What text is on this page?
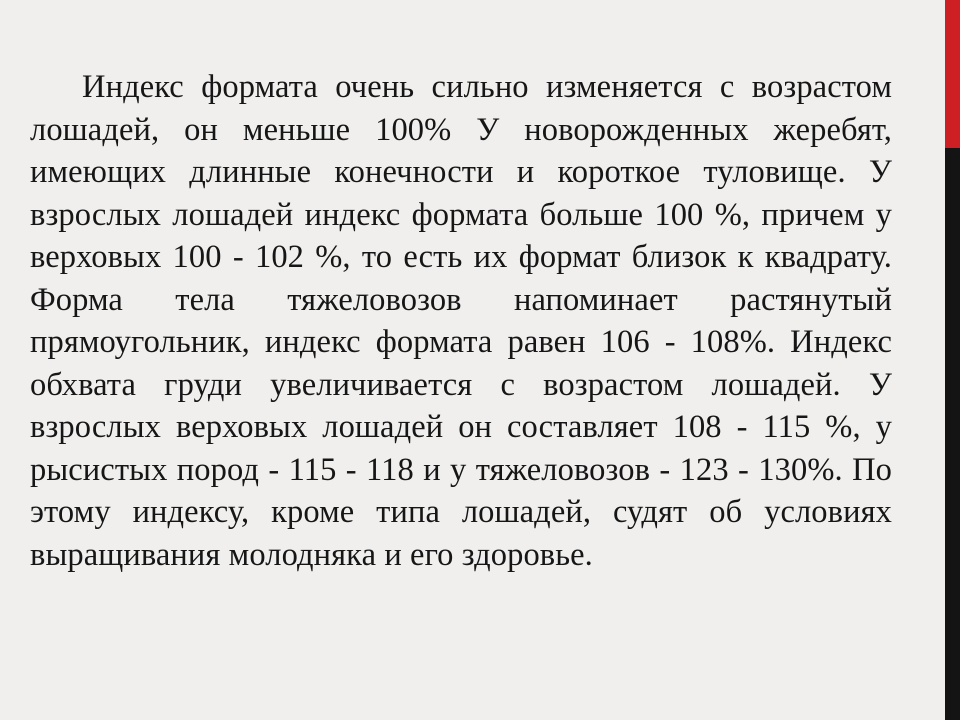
Индекс формата очень сильно изменяется с возрастом лошадей, он меньше 100% У новорожденных жеребят, имеющих длинные конечности и короткое туловище. У взрослых лошадей индекс формата больше 100 %, причем у верховых 100 - 102 %, то есть их формат близок к квадрату. Форма тела тяжеловозов напоминает растянутый прямоугольник, индекс формата равен 106 - 108%. Индекс обхвата груди увеличивается с возрастом лошадей. У взрослых верховых лошадей он составляет 108 - 115 %, у рысистых пород - 115 - 118 и у тяжеловозов - 123 - 130%. По этому индексу, кроме типа лошадей, судят об условиях выращивания молодняка и его здоровье.
